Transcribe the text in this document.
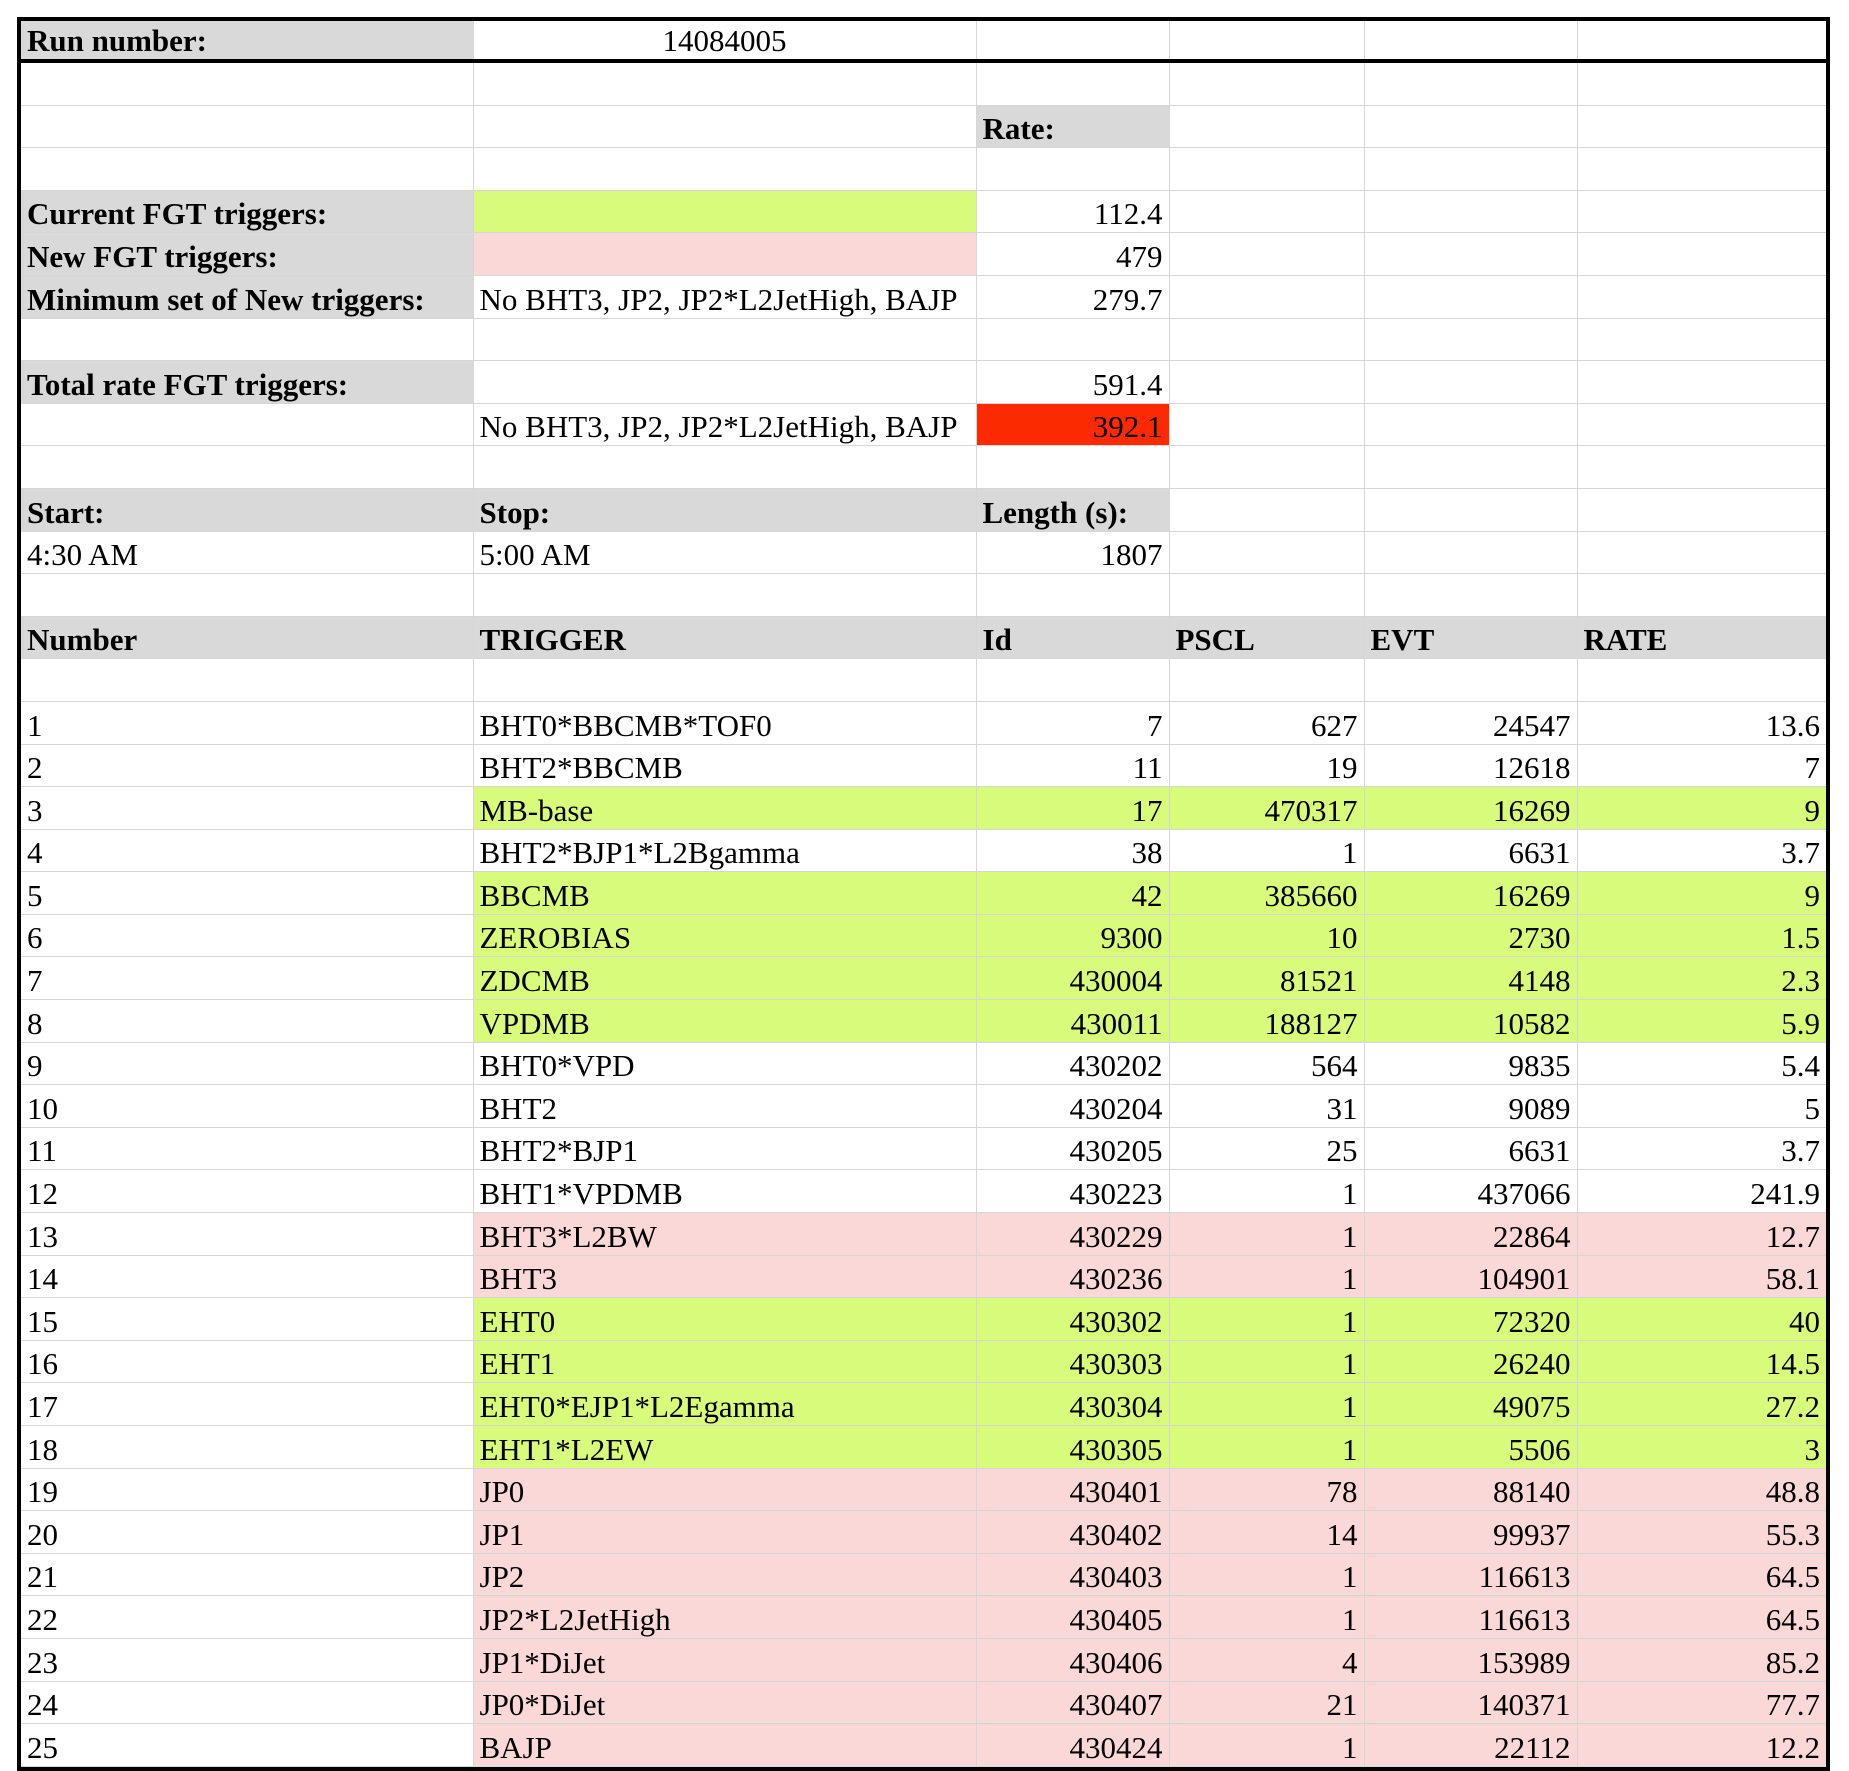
Run number:	14084005				

		Rate:			

Current FGT triggers:		112.4			
New FGT triggers:		479			
Minimum set of New triggers:	No BHT3, JP2, JP2*L2JetHigh, BAJP	279.7			

Total rate FGT triggers:		591.4			
	No BHT3, JP2, JP2*L2JetHigh, BAJP	392.1			

Start:	Stop:	Length (s):			
4:30 AM	5:00 AM	1807			

Number	TRIGGER	Id	PSCL	EVT	RATE

1	BHT0*BBCMB*TOF0	7	627	24547	13.6
2	BHT2*BBCMB	11	19	12618	7
3	MB-base	17	470317	16269	9
4	BHT2*BJP1*L2Bgamma	38	1	6631	3.7
5	BBCMB	42	385660	16269	9
6	ZEROBIAS	9300	10	2730	1.5
7	ZDCMB	430004	81521	4148	2.3
8	VPDMB	430011	188127	10582	5.9
9	BHT0*VPD	430202	564	9835	5.4
10	BHT2	430204	31	9089	5
11	BHT2*BJP1	430205	25	6631	3.7
12	BHT1*VPDMB	430223	1	437066	241.9
13	BHT3*L2BW	430229	1	22864	12.7
14	BHT3	430236	1	104901	58.1
15	EHT0	430302	1	72320	40
16	EHT1	430303	1	26240	14.5
17	EHT0*EJP1*L2Egamma	430304	1	49075	27.2
18	EHT1*L2EW	430305	1	5506	3
19	JP0	430401	78	88140	48.8
20	JP1	430402	14	99937	55.3
21	JP2	430403	1	116613	64.5
22	JP2*L2JetHigh	430405	1	116613	64.5
23	JP1*DiJet	430406	4	153989	85.2
24	JP0*DiJet	430407	21	140371	77.7
25	BAJP	430424	1	22112	12.2
